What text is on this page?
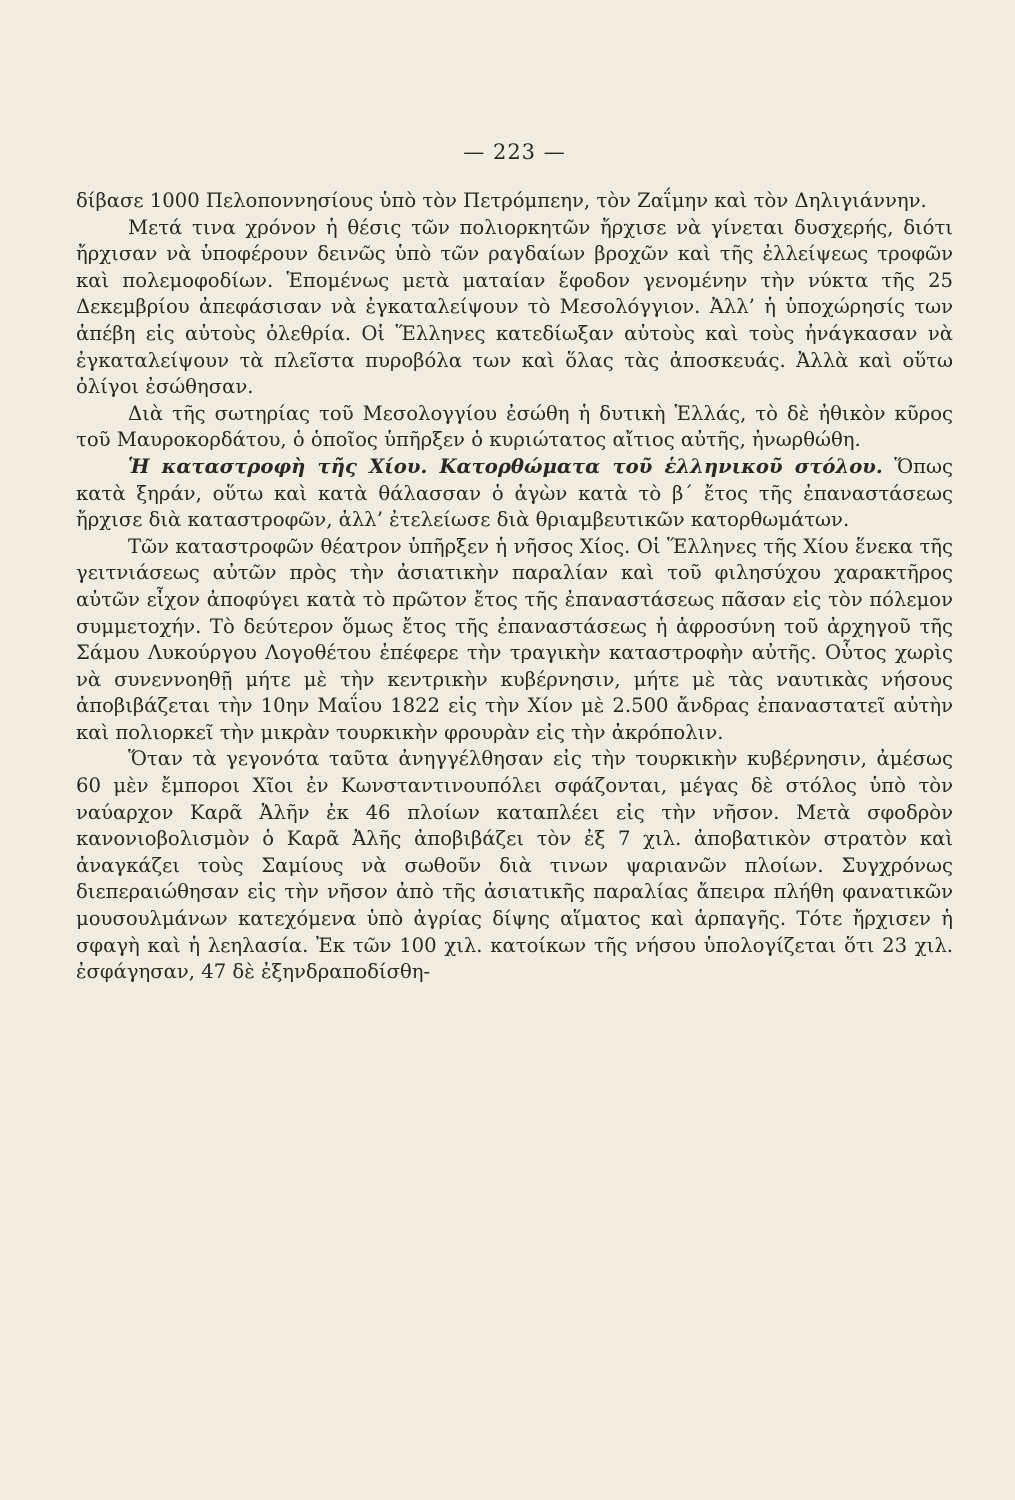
— 223 —

δίβασε 1000 Πελοποννησίους ὑπὸ τὸν Πετρόμπεην, τὸν Ζαΐμην καὶ τὸν Δηλιγιάννην.

Μετά τινα χρόνον ἡ θέσις τῶν πολιορκητῶν ἤρχισε νὰ γίνεται δυσχερής, διότι ἤρχισαν νὰ ὑποφέρουν δεινῶς ὑπὸ τῶν ραγδαίων βροχῶν καὶ τῆς ἐλλείψεως τροφῶν καὶ πολεμοφοδίων. Ἑπομένως μετὰ ματαίαν ἔφοδον γενομένην τὴν νύκτα τῆς 25 Δεκεμβρίου ἀπεφάσισαν νὰ ἐγκαταλείψουν τὸ Μεσολόγγιον. Ἀλλ’ ἡ ὑποχώρησίς των ἀπέβη εἰς αὐτοὺς ὀλεθρία. Οἱ Ἕλληνες κατεδίωξαν αὐτοὺς καὶ τοὺς ἠνάγκασαν νὰ ἐγκαταλείψουν τὰ πλεῖστα πυροβόλα των καὶ ὅλας τὰς ἀποσκευάς. Ἀλλὰ καὶ οὕτω ὀλίγοι ἐσώθησαν.

Διὰ τῆς σωτηρίας τοῦ Μεσολογγίου ἐσώθη ἡ δυτικὴ Ἑλλάς, τὸ δὲ ἠθικὸν κῦρος τοῦ Μαυροκορδάτου, ὁ ὁποῖος ὑπῆρξεν ὁ κυριώτατος αἴτιος αὐτῆς, ἠνωρθώθη.

Ἡ καταστροφὴ τῆς Χίου. Κατορθώματα τοῦ ἑλληνικοῦ στόλου. Ὅπως κατὰ ξηράν, οὕτω καὶ κατὰ θάλασσαν ὁ ἀγὼν κατὰ τὸ β΄ ἔτος τῆς ἐπαναστάσεως ἤρχισε διὰ καταστροφῶν, ἀλλ’ ἐτελείωσε διὰ θριαμβευτικῶν κατορθωμάτων.

Τῶν καταστροφῶν θέατρον ὑπῆρξεν ἡ νῆσος Χίος. Οἱ Ἕλληνες τῆς Χίου ἕνεκα τῆς γειτνιάσεως αὐτῶν πρὸς τὴν ἀσιατικὴν παραλίαν καὶ τοῦ φιλησύχου χαρακτῆρος αὐτῶν εἶχον ἀποφύγει κατὰ τὸ πρῶτον ἔτος τῆς ἐπαναστάσεως πᾶσαν εἰς τὸν πόλεμον συμμετοχήν. Τὸ δεύτερον ὅμως ἔτος τῆς ἐπαναστάσεως ἡ ἀφροσύνη τοῦ ἀρχηγοῦ τῆς Σάμου Λυκούργου Λογοθέτου ἐπέφερε τὴν τραγικὴν καταστροφὴν αὐτῆς. Οὗτος χωρὶς νὰ συνεννοηθῇ μήτε μὲ τὴν κεντρικὴν κυβέρνησιν, μήτε μὲ τὰς ναυτικὰς νήσους ἀποβιβάζεται τὴν 10ην Μαΐου 1822 εἰς τὴν Χίον μὲ 2.500 ἄνδρας ἐπαναστατεῖ αὐτὴν καὶ πολιορκεῖ τὴν μικρὰν τουρκικὴν φρουρὰν εἰς τὴν ἀκρόπολιν.

Ὅταν τὰ γεγονότα ταῦτα ἀνηγγέλθησαν εἰς τὴν τουρκικὴν κυβέρνησιν, ἀμέσως 60 μὲν ἔμποροι Χῖοι ἐν Κωνσταντινουπόλει σφάζονται, μέγας δὲ στόλος ὑπὸ τὸν ναύαρχον Καρᾶ Ἀλῆν ἐκ 46 πλοίων καταπλέει εἰς τὴν νῆσον. Μετὰ σφοδρὸν κανονιοβολισμὸν ὁ Καρᾶ Ἀλῆς ἀποβιβάζει τὸν ἐξ 7 χιλ. ἀποβατικὸν στρατὸν καὶ ἀναγκάζει τοὺς Σαμίους νὰ σωθοῦν διὰ τινων ψαριανῶν πλοίων. Συγχρόνως διεπεραιώθησαν εἰς τὴν νῆσον ἀπὸ τῆς ἀσιατικῆς παραλίας ἄπειρα πλήθη φανατικῶν μουσουλμάνων κατεχόμενα ὑπὸ ἀγρίας δίψης αἵματος καὶ ἁρπαγῆς. Τότε ἤρχισεν ἡ σφαγὴ καὶ ἡ λεηλασία. Ἐκ τῶν 100 χιλ. κατοίκων τῆς νήσου ὑπολογίζεται ὅτι 23 χιλ. ἐσφάγησαν, 47 δὲ ἐξηνδραποδίσθη-
